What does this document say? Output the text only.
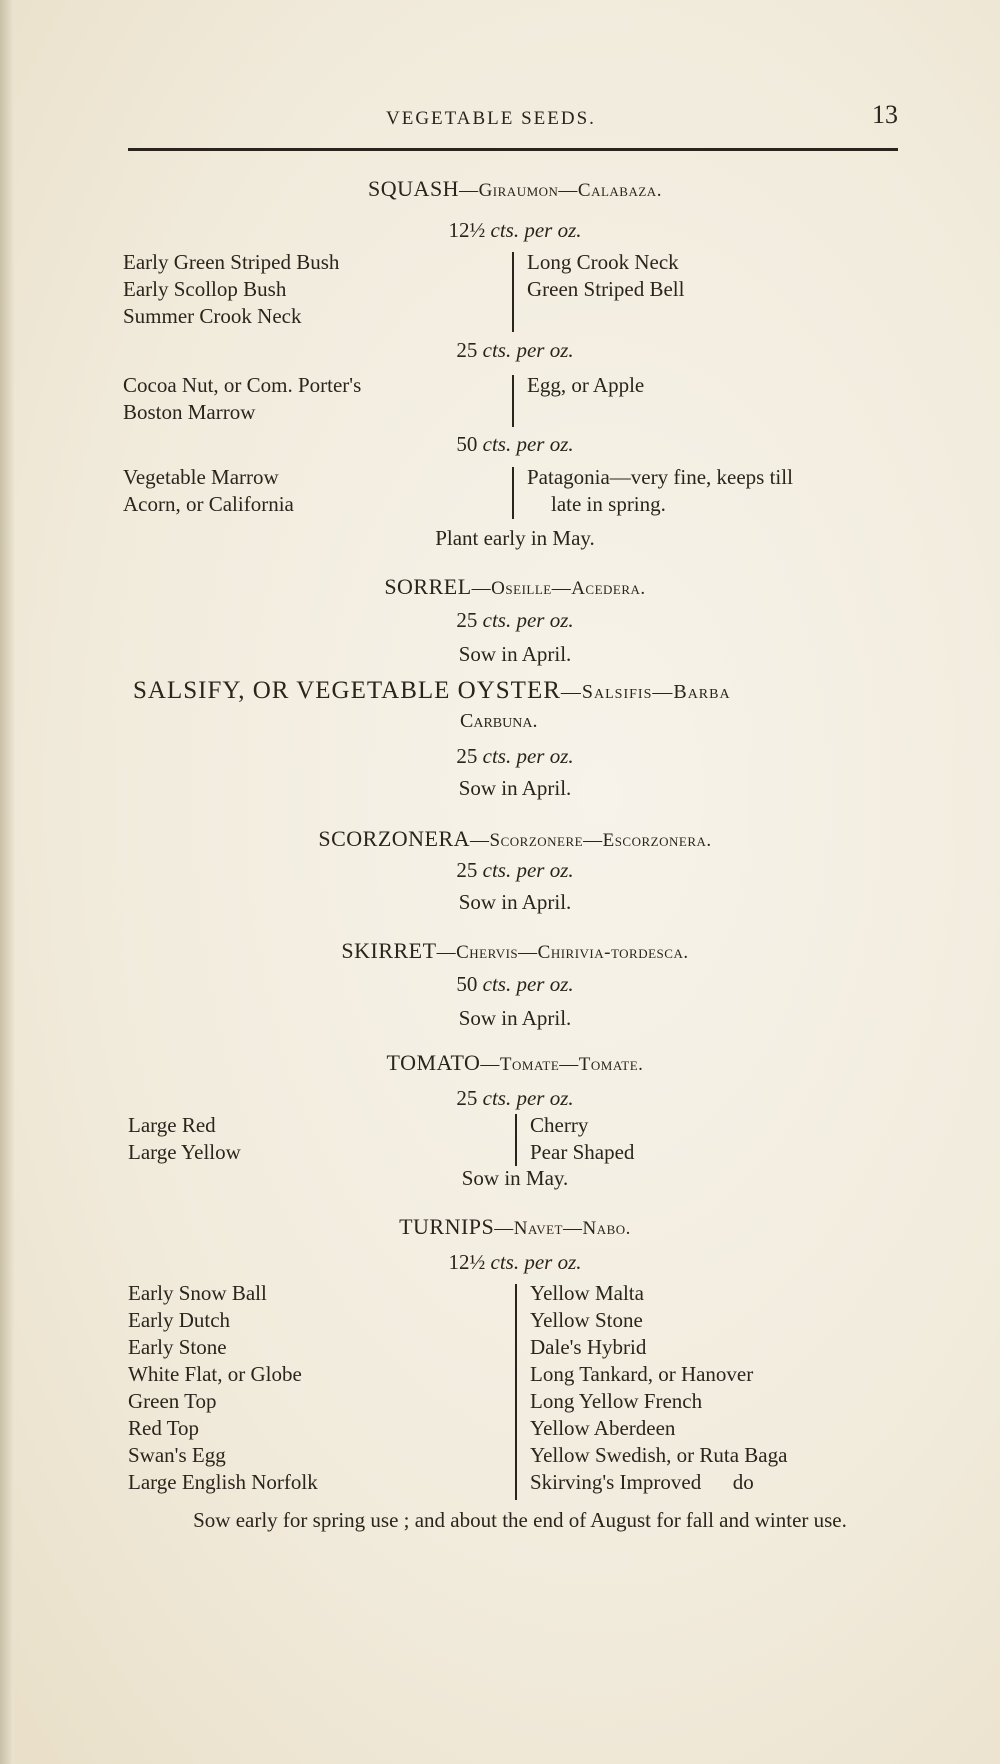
VEGETABLE SEEDS.	13
SQUASH—Giraumon—Calabaza.
12½ cts. per oz.
Early Green Striped Bush
Early Scollop Bush
Summer Crook Neck
Long Crook Neck
Green Striped Bell
25 cts. per oz.
Cocoa Nut, or Com. Porter's
Boston Marrow
Egg, or Apple
50 cts. per oz.
Vegetable Marrow
Acorn, or California
Patagonia—very fine, keeps till
late in spring.
Plant early in May.
SORREL—Oseille—Acedera.
25 cts. per oz.
Sow in April.
SALSIFY, OR VEGETABLE OYSTER—Salsifis—Barba
Carbuna.
25 cts. per oz.
Sow in April.
SCORZONERA—Scorzonere—Escorzonera.
25 cts. per oz.
Sow in April.
SKIRRET—Chervis—Chirivia-tordesca.
50 cts. per oz.
Sow in April.
TOMATO—Tomate—Tomate.
25 cts. per oz.
Large Red
Large Yellow
Cherry
Pear Shaped
Sow in May.
TURNIPS—Navet—Nabo.
12½ cts. per oz.
Early Snow Ball
Early Dutch
Early Stone
White Flat, or Globe
Green Top
Red Top
Swan's Egg
Large English Norfolk
Yellow Malta
Yellow Stone
Dale's Hybrid
Long Tankard, or Hanover
Long Yellow French
Yellow Aberdeen
Yellow Swedish, or Ruta Baga
Skirving's Improved      do
Sow early for spring use ; and about the end of August for fall and winter use.
